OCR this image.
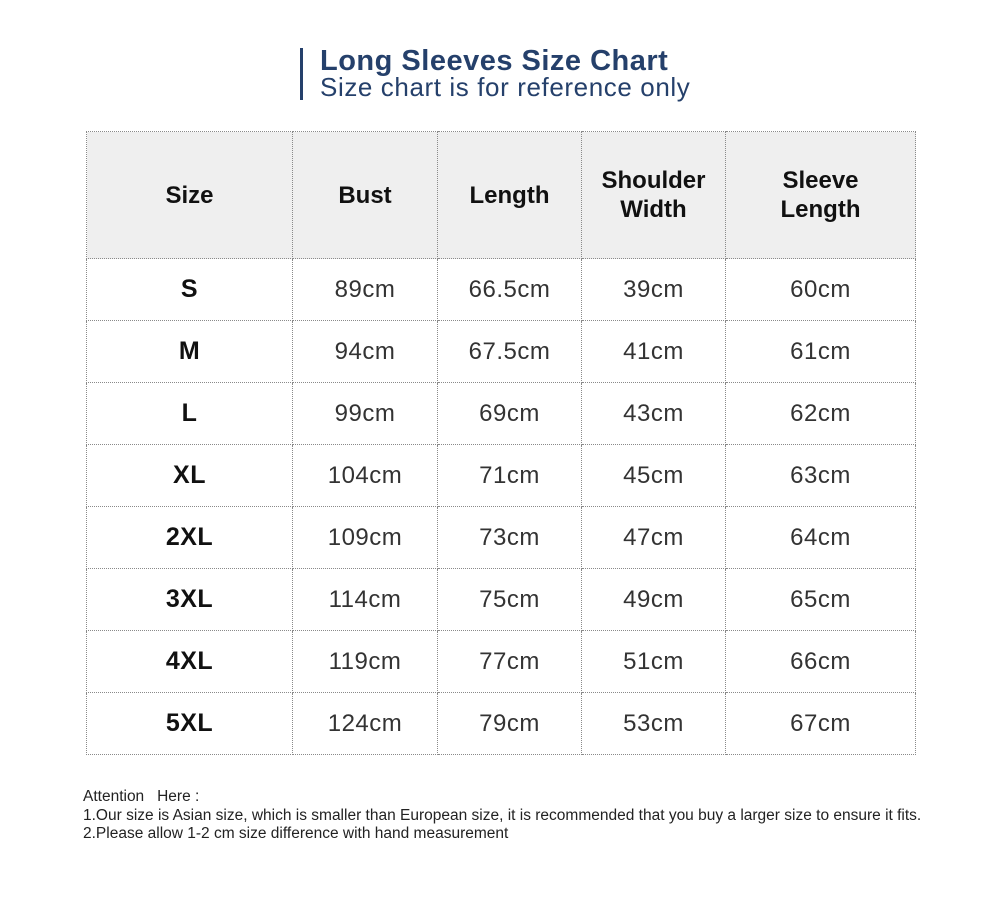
Long Sleeves Size Chart
Size chart is for reference only
Size	Bust	Length	Shoulder Width	Sleeve Length
S	89cm	66.5cm	39cm	60cm
M	94cm	67.5cm	41cm	61cm
L	99cm	69cm	43cm	62cm
XL	104cm	71cm	45cm	63cm
2XL	109cm	73cm	47cm	64cm
3XL	114cm	75cm	49cm	65cm
4XL	119cm	77cm	51cm	66cm
5XL	124cm	79cm	53cm	67cm
Attention   Here :
1.Our size is Asian size, which is smaller than European size, it is recommended that you buy a larger size to ensure it fits.
2.Please allow 1-2 cm size difference with hand measurement
